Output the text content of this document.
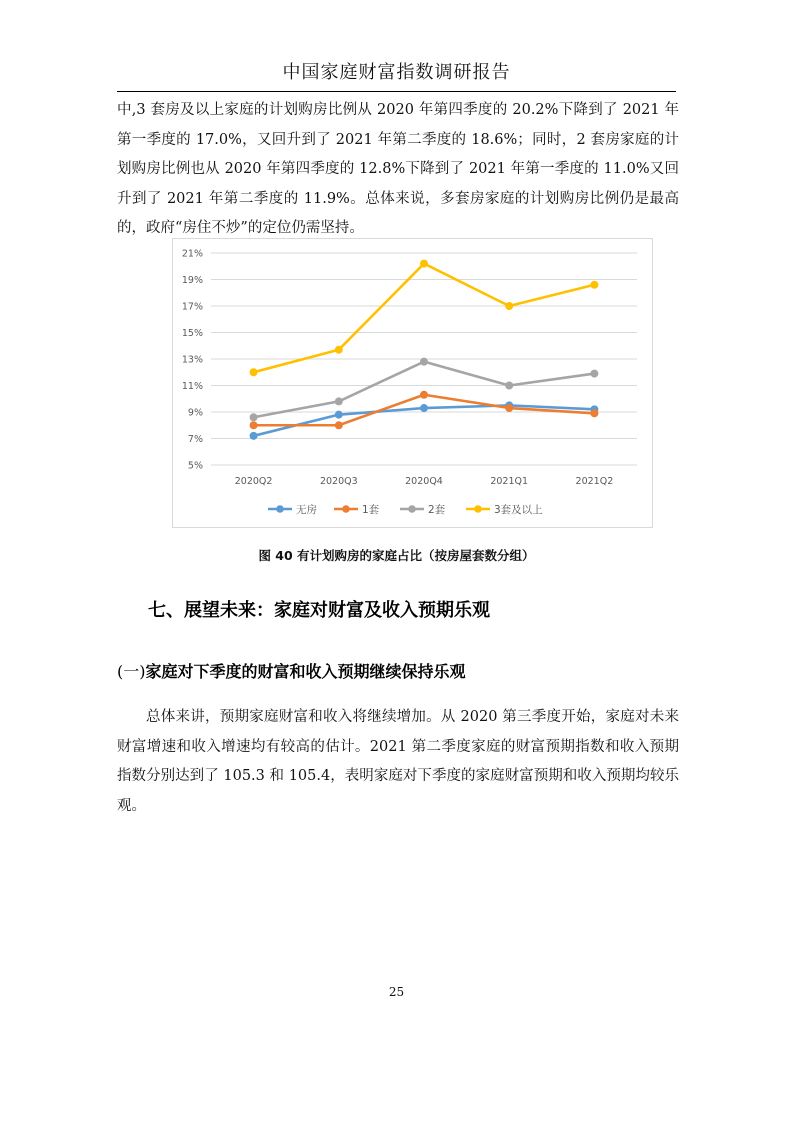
中国家庭财富指数调研报告
中,3 套房及以上家庭的计划购房比例从 2020 年第四季度的 20.2%下降到了 2021 年第一季度的 17.0%，又回升到了 2021 年第二季度的 18.6%；同时，2 套房家庭的计划购房比例也从 2020 年第四季度的 12.8%下降到了 2021 年第一季度的 11.0%又回升到了 2021 年第二季度的 11.9%。总体来说，多套房家庭的计划购房比例仍是最高的，政府“房住不炒”的定位仍需坚持。
21%
19%
17%
15%
13%
11%
9%
7%
5%
2020Q2	2020Q3	2020Q4	2021Q1	2021Q2
无房	1套	2套	3套及以上
图 40 有计划购房的家庭占比（按房屋套数分组）
七、展望未来：家庭对财富及收入预期乐观
(一)家庭对下季度的财富和收入预期继续保持乐观
总体来讲，预期家庭财富和收入将继续增加。从 2020 第三季度开始，家庭对未来财富增速和收入增速均有较高的估计。2021 第二季度家庭的财富预期指数和收入预期指数分别达到了 105.3 和 105.4，表明家庭对下季度的家庭财富预期和收入预期均较乐观。
25
